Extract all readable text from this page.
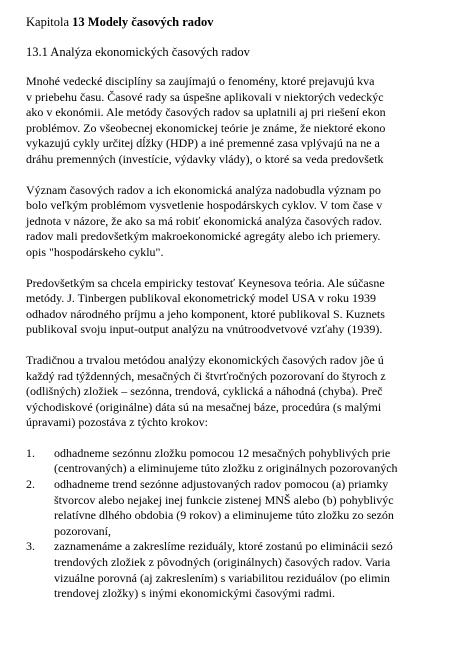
Kapitola 13 Modely časových radov
13.1 Analýza ekonomických časových radov

Mnohé vedecké disciplíny sa zaujímajú o fenomény, ktoré prejavujú kva

v priebehu času. Časové rady sa úspešne aplikovali v niektorých vedeckýc

ako v ekonómii. Ale metódy časových radov sa uplatnili aj pri riešení ekon

problémov. Zo všeobecnej ekonomickej teórie je známe, že niektoré ekono

vykazujú cykly určitej dĺžky (HDP) a iné premenné zasa vplývajú na ne a

dráhu premenných (investície, výdavky vlády), o ktoré sa veda predovšetk

Význam časových radov a ich ekonomická analýza nadobudla význam po

bolo veľkým problémom vysvetlenie hospodárskych cyklov. V tom čase v

jednota v názore, že ako sa má robiť ekonomická analýza časových radov.

radov mali predovšetkým makroekonomické agregáty alebo ich priemery.

opis "hospodárskeho cyklu".

Predovšetkým sa chcela empiricky testovať Keynesova teória. Ale súčasne

metódy. J. Tinbergen publikoval ekonometrický model USA v roku 1939

odhadov národného príjmu a jeho komponent, ktoré publikoval S. Kuznets

publikoval svoju input-output analýzu na vnútroodvetvové vzťahy (1939).

Tradičnou a trvalou metódou analýzy ekonomických časových radov jõe ú

každý rad týždenných, mesačných či štvrťročných pozorovaní do štyroch z

(odlišných) zložiek – sezónna, trendová, cyklická a náhodná (chyba). Preč

východiskové (originálne) dáta sú na mesačnej báze, procedúra (s malými

úpravami) pozostáva z týchto krokov:

1.	odhadneme sezónnu zložku pomocou 12 mesačných pohyblivých prie

(centrovaných) a eliminujeme túto zložku z originálnych pozorovaných

2.	odhadneme trend sezónne adjustovaných radov pomocou (a) priamky

štvorcov alebo nejakej inej funkcie zistenej MNŠ alebo (b) pohyblivýc

relatívne dlhého obdobia (9 rokov) a eliminujeme túto zložku zo sezón

pozorovaní,

3.	zaznamenáme a zakreslíme reziduály, ktoré zostanú po eliminácii sezó

trendových zložiek z pôvodných (originálnych) časových radov. Varia

vizuálne porovná (aj zakreslením) s variabilitou reziduálov (po elimin

trendovej zložky) s inými ekonomickými časovými radmi.
